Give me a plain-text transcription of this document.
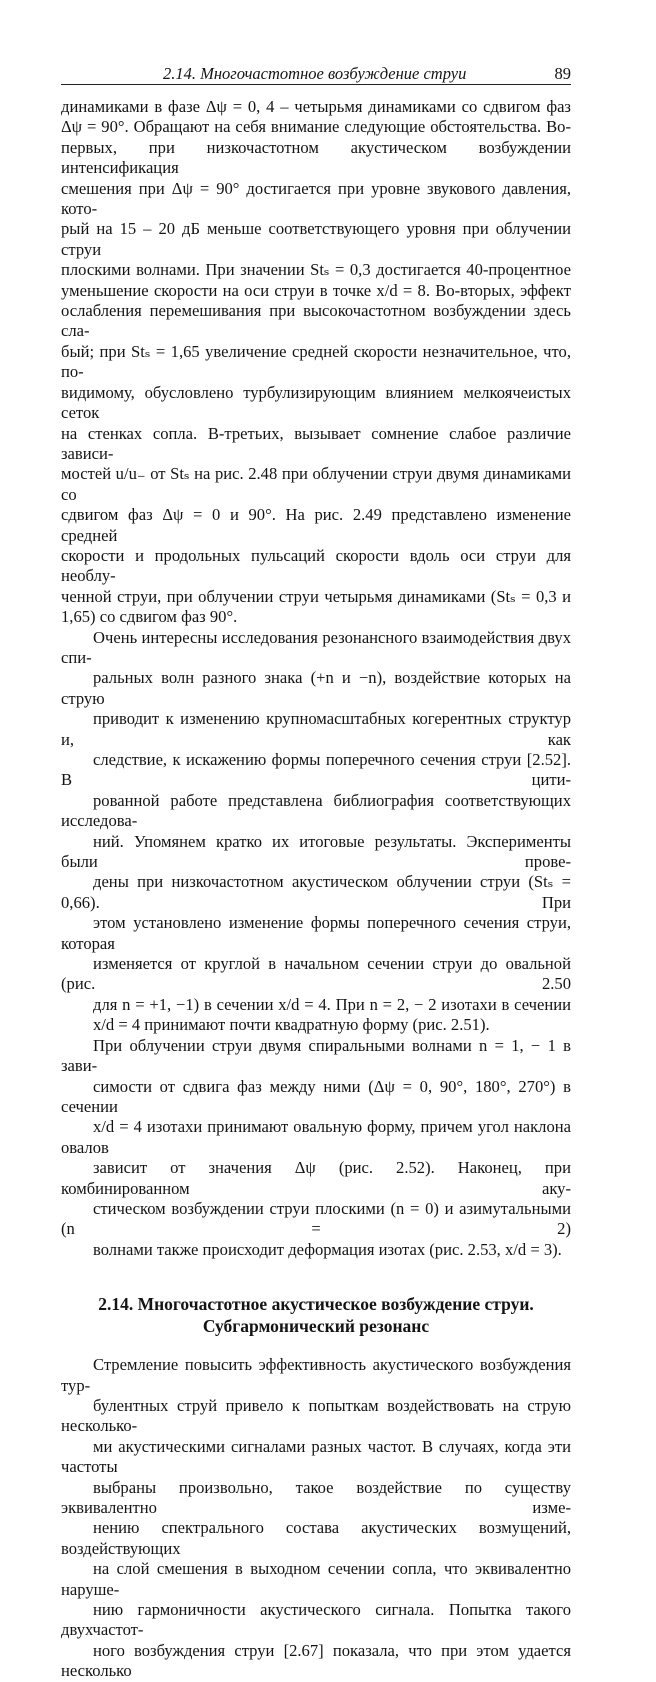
2.14. Многочастотное возбуждение струи	89

динамиками в фазе Δψ = 0, 4 – четырьмя динамиками со сдвигом фаз
Δψ = 90°. Обращают на себя внимание следующие обстоятельства. Во-
первых, при низкочастотном акустическом возбуждении интенсификация
смешения при Δψ = 90° достигается при уровне звукового давления, кото-
рый на 15 – 20 дБ меньше соответствующего уровня при облучении струи
плоскими волнами. При значении Stₛ = 0,3 достигается 40-процентное
уменьшение скорости на оси струи в точке x/d = 8. Во-вторых, эффект
ослабления перемешивания при высокочастотном возбуждении здесь сла-
бый; при Stₛ = 1,65 увеличение средней скорости незначительное, что, по-
видимому, обусловлено турбулизирующим влиянием мелкоячеистых сеток
на стенках сопла. В-третьих, вызывает сомнение слабое различие зависи-
мостей u/u₋ от Stₛ на рис. 2.48 при облучении струи двумя динамиками со
сдвигом фаз Δψ = 0 и 90°. На рис. 2.49 представлено изменение средней
скорости и продольных пульсаций скорости вдоль оси струи для необлу-
ченной струи, при облучении струи четырьмя динамиками (Stₛ = 0,3 и
1,65) со сдвигом фаз 90°.

Очень интересны исследования резонансного взаимодействия двух спи-
ральных волн разного знака (+n и −n), воздействие которых на струю
приводит к изменению крупномасштабных когерентных структур и, как
следствие, к искажению формы поперечного сечения струи [2.52]. В цити-
рованной работе представлена библиография соответствующих исследова-
ний. Упомянем кратко их итоговые результаты. Эксперименты были прове-
дены при низкочастотном акустическом облучении струи (Stₛ = 0,66). При
этом установлено изменение формы поперечного сечения струи, которая
изменяется от круглой в начальном сечении струи до овальной (рис. 2.50
для n = +1, −1) в сечении x/d = 4. При n = 2, − 2 изотахи в сечении
x/d = 4 принимают почти квадратную форму (рис. 2.51).

При облучении струи двумя спиральными волнами n = 1, − 1 в зави-
симости от сдвига фаз между ними (Δψ = 0, 90°, 180°, 270°) в сечении
x/d = 4 изотахи принимают овальную форму, причем угол наклона овалов
зависит от значения Δψ (рис. 2.52). Наконец, при комбинированном аку-
стическом возбуждении струи плоскими (n = 0) и азимутальными (n = 2)
волнами также происходит деформация изотах (рис. 2.53, x/d = 3).

2.14. Многочастотное акустическое возбуждение струи.
Субгармонический резонанс

Стремление повысить эффективность акустического возбуждения тур-
булентных струй привело к попыткам воздействовать на струю несколько-
ми акустическими сигналами разных частот. В случаях, когда эти частоты
выбраны произвольно, такое воздействие по существу эквивалентно изме-
нению спектрального состава акустических возмущений, воздействующих
на слой смешения в выходном сечении сопла, что эквивалентно наруше-
нию гармоничности акустического сигнала. Попытка такого двухчастот-
ного возбуждения струи [2.67] показала, что при этом удается несколько
